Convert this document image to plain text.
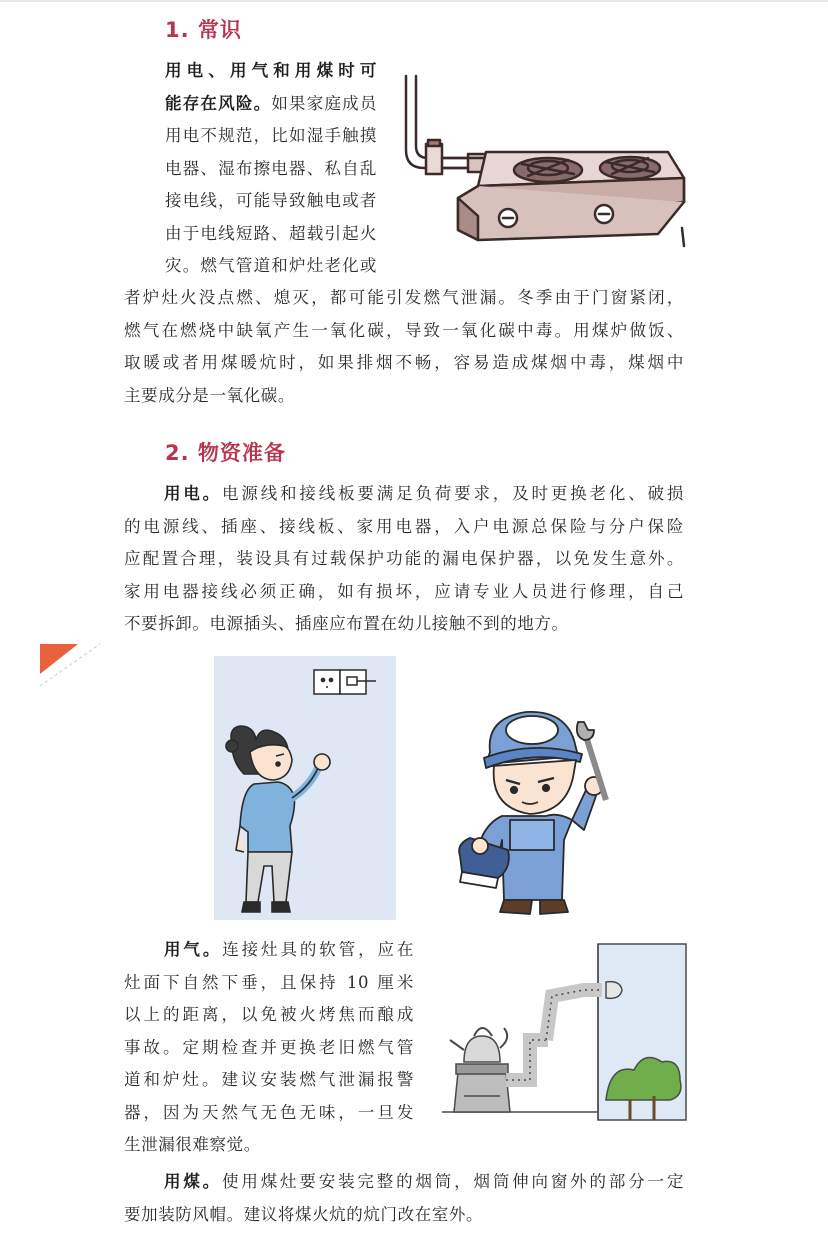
1. 常识
用电、用气和用煤时可
能存在风险。如果家庭成员
用电不规范，比如湿手触摸
电器、湿布擦电器、私自乱
接电线，可能导致触电或者
由于电线短路、超载引起火
灾。燃气管道和炉灶老化或
者炉灶火没点燃、熄灭，都可能引发燃气泄漏。冬季由于门窗紧闭，
燃气在燃烧中缺氧产生一氧化碳，导致一氧化碳中毒。用煤炉做饭、
取暖或者用煤暖炕时，如果排烟不畅，容易造成煤烟中毒，煤烟中
主要成分是一氧化碳。
2. 物资准备
用电。电源线和接线板要满足负荷要求，及时更换老化、破损
的电源线、插座、接线板、家用电器，入户电源总保险与分户保险
应配置合理，装设具有过载保护功能的漏电保护器，以免发生意外。
家用电器接线必须正确，如有损坏，应请专业人员进行修理，自己
不要拆卸。电源插头、插座应布置在幼儿接触不到的地方。
用气。连接灶具的软管，应在
灶面下自然下垂，且保持 10 厘米
以上的距离，以免被火烤焦而酿成
事故。定期检查并更换老旧燃气管
道和炉灶。建议安装燃气泄漏报警
器，因为天然气无色无味，一旦发
生泄漏很难察觉。
用煤。使用煤灶要安装完整的烟筒，烟筒伸向窗外的部分一定
要加装防风帽。建议将煤火炕的炕门改在室外。
